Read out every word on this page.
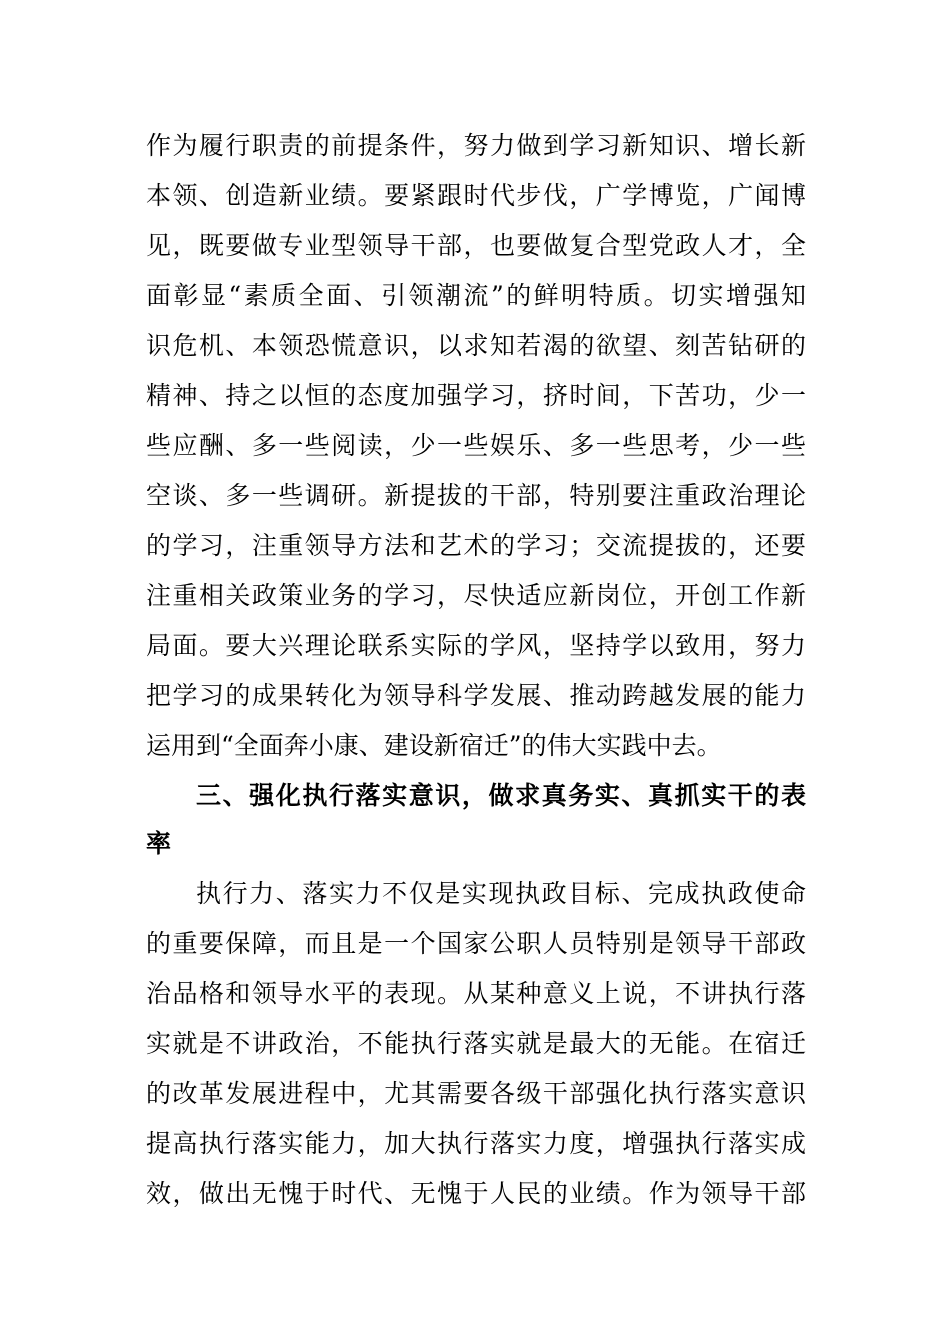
作为履行职责的前提条件，努力做到学习新知识、增长新
本领、创造新业绩。要紧跟时代步伐，广学博览，广闻博
见，既要做专业型领导干部，也要做复合型党政人才，全
面彰显“素质全面、引领潮流”的鲜明特质。切实增强知
识危机、本领恐慌意识，以求知若渴的欲望、刻苦钻研的
精神、持之以恒的态度加强学习，挤时间，下苦功，少一
些应酬、多一些阅读，少一些娱乐、多一些思考，少一些
空谈、多一些调研。新提拔的干部，特别要注重政治理论
的学习，注重领导方法和艺术的学习；交流提拔的，还要
注重相关政策业务的学习，尽快适应新岗位，开创工作新
局面。要大兴理论联系实际的学风，坚持学以致用，努力
把学习的成果转化为领导科学发展、推动跨越发展的能力
运用到“全面奔小康、建设新宿迁”的伟大实践中去。
三、强化执行落实意识，做求真务实、真抓实干的表
率
执行力、落实力不仅是实现执政目标、完成执政使命
的重要保障，而且是一个国家公职人员特别是领导干部政
治品格和领导水平的表现。从某种意义上说，不讲执行落
实就是不讲政治，不能执行落实就是最大的无能。在宿迁
的改革发展进程中，尤其需要各级干部强化执行落实意识
提高执行落实能力，加大执行落实力度，增强执行落实成
效，做出无愧于时代、无愧于人民的业绩。作为领导干部
